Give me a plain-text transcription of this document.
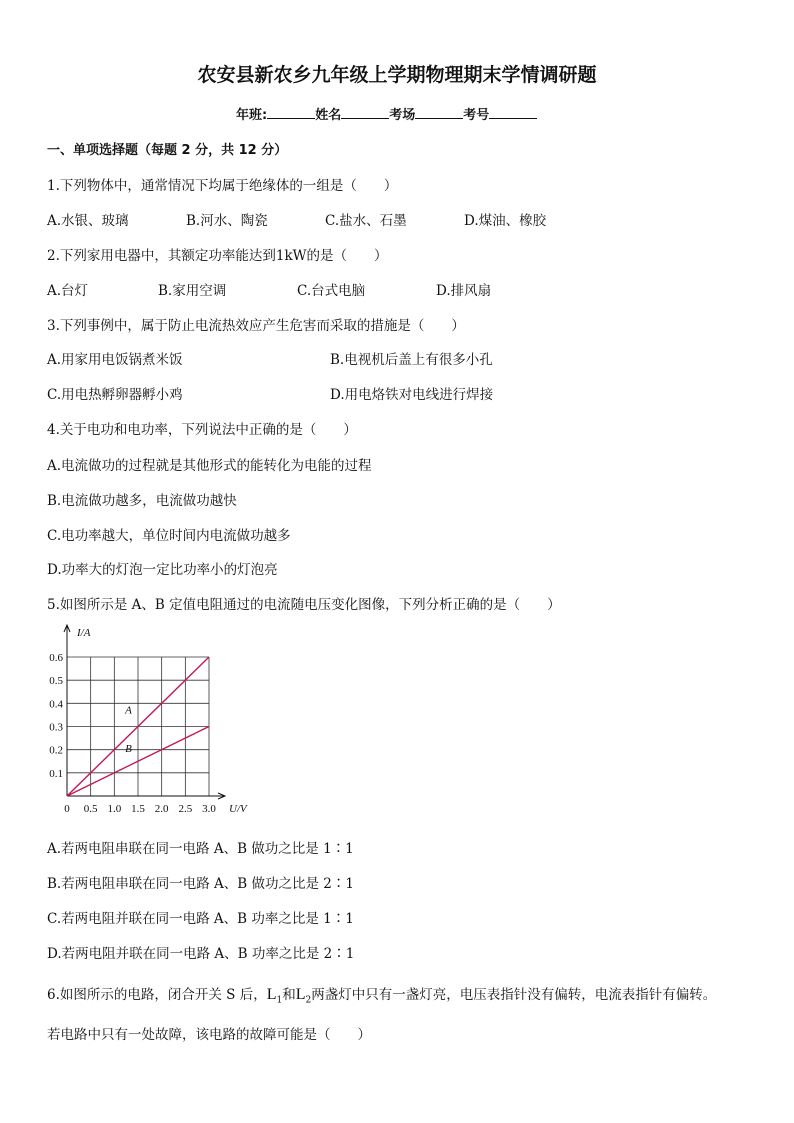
农安县新农乡九年级上学期物理期末学情调研题
年班:	姓名	考场	考号
一、单项选择题（每题 2 分，共 12 分）
1.下列物体中，通常情况下均属于绝缘体的一组是（　　）
A.水银、玻璃	B.河水、陶瓷	C.盐水、石墨	D.煤油、橡胶
2.下列家用电器中，其额定功率能达到1kW的是（　　）
A.台灯	B.家用空调	C.台式电脑	D.排风扇
3.下列事例中，属于防止电流热效应产生危害而采取的措施是（　　）
A.用家用电饭锅煮米饭	B.电视机后盖上有很多小孔
C.用电热孵卵器孵小鸡	D.用电烙铁对电线进行焊接
4.关于电功和电功率，下列说法中正确的是（　　）
A.电流做功的过程就是其他形式的能转化为电能的过程
B.电流做功越多，电流做功越快
C.电功率越大，单位时间内电流做功越多
D.功率大的灯泡一定比功率小的灯泡亮
5.如图所示是 A、B 定值电阻通过的电流随电压变化图像，下列分析正确的是（　　）
A
B
0.5 1.0 1.5 2.0 2.5 3.0
0.1
0.2
0.3
0.4
0.5
0.6
0	U/V
I/A
A.若两电阻串联在同一电路 A、B 做功之比是 1∶1
B.若两电阻串联在同一电路 A、B 做功之比是 2∶1
C.若两电阻并联在同一电路 A、B 功率之比是 1∶1
D.若两电阻并联在同一电路 A、B 功率之比是 2∶1
6.如图所示的电路，闭合开关 S 后，$L_1$和$L_2$两盏灯中只有一盏灯亮，电压表指针没有偏转，电流表指针有偏转。
若电路中只有一处故障，该电路的故障可能是（　　）
